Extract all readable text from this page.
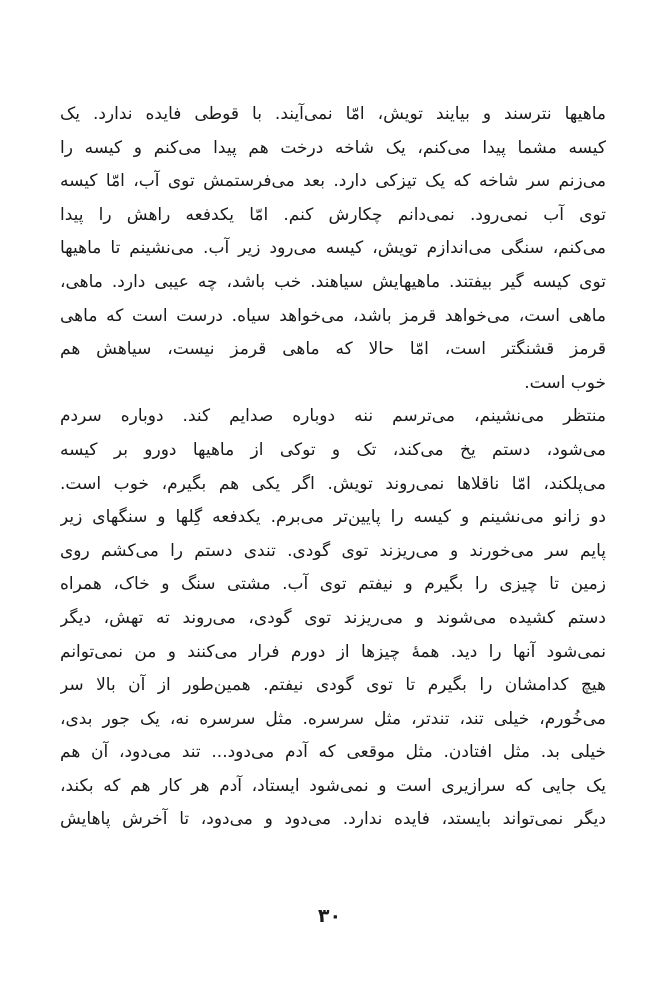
ماهیها نترسند و بیایند تویش، امّا نمی‌آیند. با قوطی فایده ندارد. یک
کیسه مشما پیدا می‌کنم، یک شاخه درخت هم پیدا می‌کنم و کیسه را
می‌زنم سر شاخه که یک تیزکی دارد. بعد می‌فرستمش توی آب، امّا کیسه
توی آب نمی‌رود. نمی‌دانم چکارش کنم. امّا یکدفعه راهش را پیدا
می‌کنم، سنگی می‌اندازم تویش، کیسه می‌رود زیر آب. می‌نشینم تا ماهیها
توی کیسه گیر بیفتند. ماهیهایش سیاهند. خب باشد، چه عیبی دارد. ماهی،
ماهی است، می‌خواهد قرمز باشد، می‌خواهد سیاه. درست است که ماهی
قرمز قشنگتر است، امّا حالا که ماهی قرمز نیست، سیاهش هم
خوب است.
منتظر می‌نشینم، می‌ترسم ننه دوباره صدایم کند. دوباره سردم
می‌شود، دستم یخ می‌کند، تک و توکی از ماهیها دورو بر کیسه
می‌پلکند، امّا ناقلاها نمی‌روند تویش. اگر یکی هم بگیرم، خوب است.
دو زانو می‌نشینم و کیسه را پایین‌تر می‌برم. یکدفعه گِلها و سنگهای زیر
پایم سر می‌خورند و می‌ریزند توی گودی. تندی دستم را می‌کشم روی
زمین تا چیزی را بگیرم و نیفتم توی آب. مشتی سنگ و خاک، همراه
دستم کشیده می‌شوند و می‌ریزند توی گودی، می‌روند ته تهش، دیگر
نمی‌شود آنها را دید. همهٔ چیزها از دورم فرار می‌کنند و من نمی‌توانم
هیچ کدامشان را بگیرم تا توی گودی نیفتم. همین‌طور از آن بالا سر
می‌خُورم، خیلی تند، تندتر، مثل سرسره. مثل سرسره نه، یک جور بدی،
خیلی بد. مثل افتادن. مثل موقعی که آدم می‌دود... تند می‌دود، آن هم
یک جایی که سرازیری است و نمی‌شود ایستاد، آدم هر کار هم که بکند،
دیگر نمی‌تواند بایستد، فایده ندارد. می‌دود و می‌دود، تا آخرش پاهایش
۳۰
